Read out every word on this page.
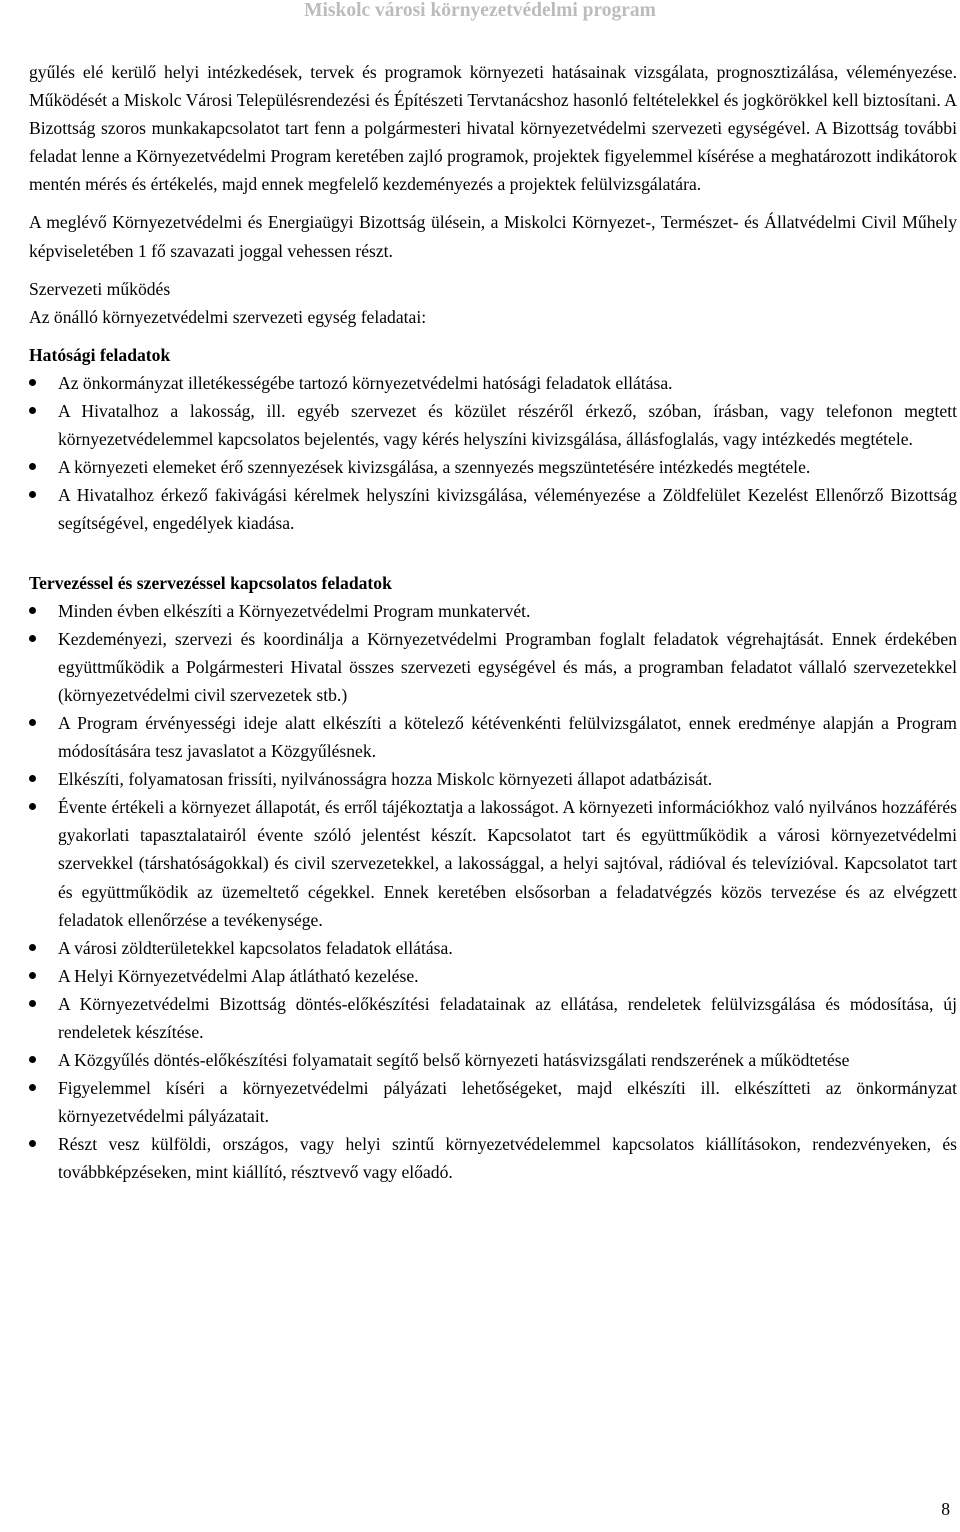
Miskolc városi környezetvédelmi program

gyűlés elé kerülő helyi intézkedések, tervek és programok környezeti hatásainak vizsgálata, prognosztizálása, véleményezése. Működését a Miskolc Városi Településrendezési és Építészeti Tervtanácshoz hasonló feltételekkel és jogkörökkel kell biztosítani. A Bizottság szoros munkakapcsolatot tart fenn a polgármesteri hivatal környezetvédelmi szervezeti egységével. A Bizottság további feladat lenne a Környezetvédelmi Program keretében zajló programok, projektek figyelemmel kísérése a meghatározott indikátorok mentén mérés és értékelés, majd ennek megfelelő kezdeményezés a projektek felülvizsgálatára.

A meglévő Környezetvédelmi és Energiaügyi Bizottság ülésein, a Miskolci Környezet-, Természet- és Állatvédelmi Civil Műhely képviseletében 1 fő szavazati joggal vehessen részt.

Szervezeti működés

Az önálló környezetvédelmi szervezeti egység feladatai:

Hatósági feladatok

Az önkormányzat illetékességébe tartozó környezetvédelmi hatósági feladatok ellátása.
A Hivatalhoz a lakosság, ill. egyéb szervezet és közület részéről érkező, szóban, írásban, vagy telefonon megtett környezetvédelemmel kapcsolatos bejelentés, vagy kérés helyszíni kivizsgálása, állásfoglalás, vagy intézkedés megtétele.
A környezeti elemeket érő szennyezések kivizsgálása, a szennyezés megszüntetésére intézkedés megtétele.
A Hivatalhoz érkező fakivágási kérelmek helyszíni kivizsgálása, véleményezése a Zöldfelület Kezelést Ellenőrző Bizottság segítségével, engedélyek kiadása.

Tervezéssel és szervezéssel kapcsolatos feladatok

Minden évben elkészíti a Környezetvédelmi Program munkatervét.
Kezdeményezi, szervezi és koordinálja a Környezetvédelmi Programban foglalt feladatok végrehajtását. Ennek érdekében együttműködik a Polgármesteri Hivatal összes szervezeti egységével és más, a programban feladatot vállaló szervezetekkel (környezetvédelmi civil szervezetek stb.)
A Program érvényességi ideje alatt elkészíti a kötelező kétévenkénti felülvizsgálatot, ennek eredménye alapján a Program módosítására tesz javaslatot a Közgyűlésnek.
Elkészíti, folyamatosan frissíti, nyilvánosságra hozza Miskolc környezeti állapot adatbázisát.
Évente értékeli a környezet állapotát, és erről tájékoztatja a lakosságot. A környezeti információkhoz való nyilvános hozzáférés gyakorlati tapasztalatairól évente szóló jelentést készít. Kapcsolatot tart és együttműködik a városi környezetvédelmi szervekkel (társhatóságokkal) és civil szervezetekkel, a lakossággal, a helyi sajtóval, rádióval és televízióval. Kapcsolatot tart és együttműködik az üzemeltető cégekkel. Ennek keretében elsősorban a feladatvégzés közös tervezése és az elvégzett feladatok ellenőrzése a tevékenysége.
A városi zöldterületekkel kapcsolatos feladatok ellátása.
A Helyi Környezetvédelmi Alap átlátható kezelése.
A Környezetvédelmi Bizottság döntés-előkészítési feladatainak az ellátása, rendeletek felülvizsgálása és módosítása, új rendeletek készítése.
A Közgyűlés döntés-előkészítési folyamatait segítő belső környezeti hatásvizsgálati rendszerének a működtetése
Figyelemmel kíséri a környezetvédelmi pályázati lehetőségeket, majd elkészíti ill. elkészítteti az önkormányzat környezetvédelmi pályázatait.
Részt vesz külföldi, országos, vagy helyi szintű környezetvédelemmel kapcsolatos kiállításokon, rendezvényeken, és továbbképzéseken, mint kiállító, résztvevő vagy előadó.
8
